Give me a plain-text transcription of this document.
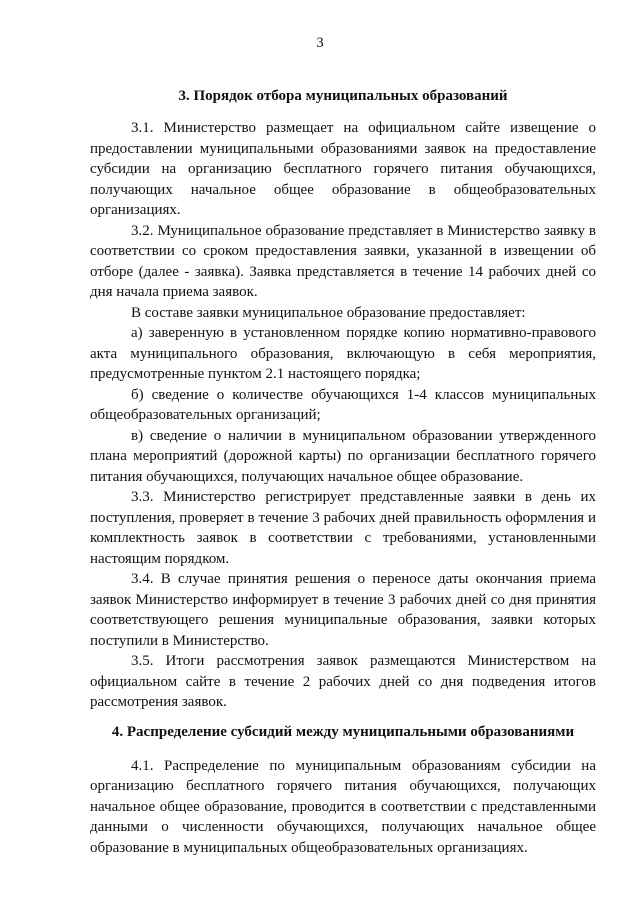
3
3. Порядок отбора муниципальных образований

3.1. Министерство размещает на официальном сайте извещение о предоставлении муниципальными образованиями заявок на предоставление субсидии на организацию бесплатного горячего питания обучающихся, получающих начальное общее образование в общеобразовательных организациях.

3.2. Муниципальное образование представляет в Министерство заявку в соответствии со сроком предоставления заявки, указанной в извещении об отборе (далее - заявка). Заявка представляется в течение 14 рабочих дней со дня начала приема заявок.

В составе заявки муниципальное образование предоставляет:

а) заверенную в установленном порядке копию нормативно-правового акта муниципального образования, включающую в себя мероприятия, предусмотренные пунктом 2.1 настоящего порядка;

б) сведение о количестве обучающихся 1-4 классов муниципальных общеобразовательных организаций;

в) сведение о наличии в муниципальном образовании утвержденного плана мероприятий (дорожной карты) по организации бесплатного горячего питания обучающихся, получающих начальное общее образование.

3.3. Министерство регистрирует представленные заявки в день их поступления, проверяет в течение 3 рабочих дней правильность оформления и комплектность заявок в соответствии с требованиями, установленными настоящим порядком.

3.4. В случае принятия решения о переносе даты окончания приема заявок Министерство информирует в течение 3 рабочих дней со дня принятия соответствующего решения муниципальные образования, заявки которых поступили в Министерство.

3.5. Итоги рассмотрения заявок размещаются Министерством на официальном сайте в течение 2 рабочих дней со дня подведения итогов рассмотрения заявок.

4. Распределение субсидий между муниципальными образованиями

4.1. Распределение по муниципальным образованиям субсидии на организацию бесплатного горячего питания обучающихся, получающих начальное общее образование, проводится в соответствии с представленными данными о численности обучающихся, получающих начальное общее образование в муниципальных общеобразовательных организациях.
